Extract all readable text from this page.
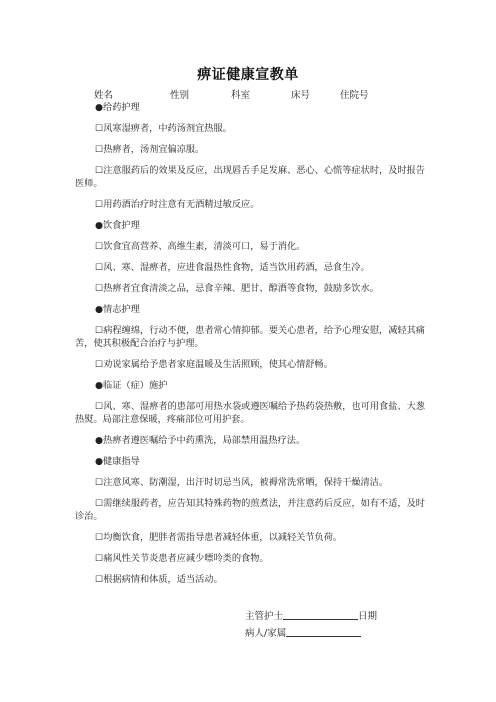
痹证健康宣教单
姓名	性别	科室	床号	住院号

●给药护理

☐风寒湿痹者，中药汤剂宜热服。

☐热痹者，汤剂宜偏凉服。

☐注意服药后的效果及反应，出现唇舌手足发麻、恶心、心慌等症状时，及时报告医师。

☐用药酒治疗时注意有无酒精过敏反应。

●饮食护理

☐饮食宜高营养、高维生素，清淡可口，易于消化。

☐风、寒、湿痹者，应进食温热性食物，适当饮用药酒，忌食生冷。

☐热痹者宜食清淡之品，忌食辛辣、肥甘、醇酒等食物，鼓励多饮水。

●情志护理

☐病程缠绵，行动不便，患者常心情抑郁。要关心患者，给予心理安慰，减轻其痛苦，使其积极配合治疗与护理。

☐劝说家属给予患者家庭温暖及生活照顾，使其心情舒畅。

●临证（症）施护

☐风、寒、湿痹者的患部可用热水袋或遵医嘱给予热药袋热敷，也可用食盐、大葱热熨。局部注意保暖，疼痛部位可用护套。

●热痹者遵医嘱给予中药熏洗，局部禁用温热疗法。

●健康指导

☐注意风寒、防潮湿，出汗时切忌当风，被褥常洗常晒，保持干燥清洁。

☐需继续服药者，应告知其特殊药物的煎煮法，并注意药后反应，如有不适，及时诊治。

☐均衡饮食，肥胖者需指导患者减轻体重，以减轻关节负荷。

☐痛风性关节炎患者应减少嘌呤类的食物。

☐根据病情和体质，适当活动。

主管护士	日期
病人/家属
